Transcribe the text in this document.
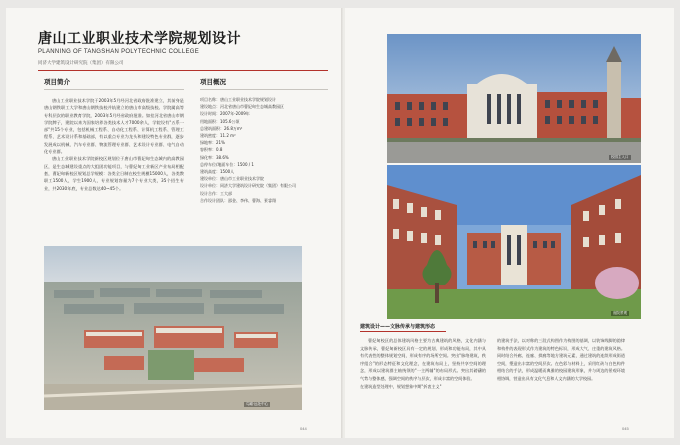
唐山工业职业技术学院规划设计
PLANNING OF TANGSHAN POLYTECHNIC COLLEGE
同济大学建筑设计研究院（集团）有限公司
项目简介	项目概况

唐山工业职业技术学院于2003年5月经河北省政府批准建立，其前身是唐山钢铁职工大学和唐山钢铁技校并轨建立的唐山市高级技校。学院属高等专科层次的职业教育学院，2003年5月经省政府批准。如挂河北省唐山市钢学院牌子，建院以来为国家培养各类技术人才7000余人，学院设有"五系一部"共15个专业，包括机械工程系、自动化工程系、计算机工程系、管理工程系、艺术设计系和基础部，有以重点专业为龙头和建设特色专业群，逐步发展成以机械、汽车专业群、物流管理专业群、艺术设计专业群、电气自动化专业群。

唐山工业职业技术学院新校区规划位于唐山市曹妃甸生态城内的高教园区，是生态城建设重点的大组团功能项目，与曹妃甸工业新区产业布局相配套，曹妃甸新校区规划总学规模：各类全日制在校生规模15000人，各类教职工1500人，学生1900人，专业规划容量为7个专业大类，35个招生专业，共2030年底，专业总数达40~45个。

项目名称：唐山工业职业技术学院规划设计
建设地点：河北省唐山市曹妃甸生态城高教园区
设计时间：2007年-2009年
用地面积：105.6公顷
总建筑面积：26.8万m²
建筑密度：11.2 m²
绿地率：21%
容积率：0.8
绿化率：38.6%
总停车位/地面车位：1500 / 1
建筑高度：1500人
建设单位：唐山市工业职业技术学院
设计单位：同济大学建筑设计研究院（集团）有限公司
设计合作：工大部
合作设计团队：邵金、李伟、曹海、景睿翔
鸟瞰·远处中心
校园主入口
庭院景观
建筑设计——文脉传承与建筑形态
曹妃甸校区的总体建筑风格主要为古典建筑的风格，文化内涵与文脉传承，曹妃甸新校区具有一定的规划、形成和功能布局，其中具有代表性的整体规划空间，形成有序的场所空间。突出"脉络建筑，秩序组合"的形态特征和文化理念，在建筑布局上，坚持共享空间的理念，形成以建筑群主轴统领的"一主两辅"的布局形式。突出其磅礴的气势与整体感，强调空间的秩序与层次，形成丰富的空间体验。
在建筑造型处理中，规划想象中期"折衷主义"
的建筑手法，以对称的三段式构图作为构图的基调，以装饰线脚的韵律和构件的表现形式作为建筑的特色标识，形成大气、庄重的建筑风格。同时结合外廊、连廊、拱廊等地方建筑元素，通过建筑的连续形成街道空间，塑造出丰富的空间层次。在色彩与材料上，采用红砖与白色构件相结合的手法，形成温暖而典雅的校园建筑形象，并与周边的景观环境相协调，营造出具有文化气息和人文内涵的大学校园。
044	045
